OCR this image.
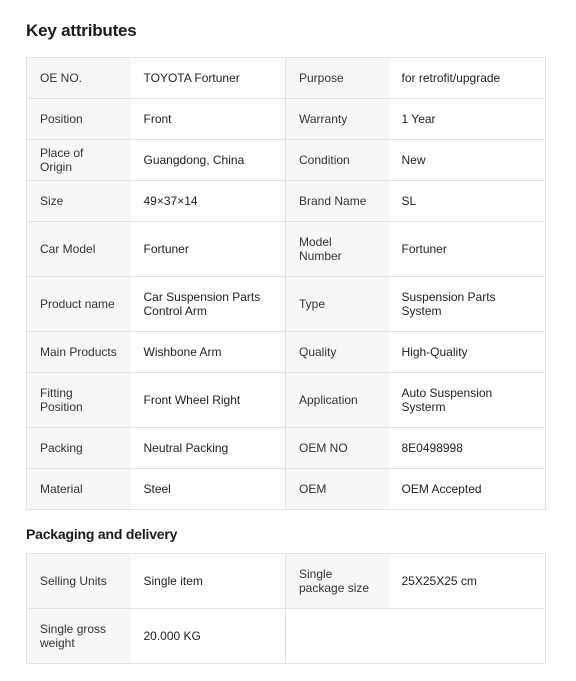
Key attributes
OE NO.	TOYOTA Fortuner	Purpose	for retrofit/upgrade
Position	Front	Warranty	1 Year
Place of Origin	Guangdong, China	Condition	New
Size	49×37×14	Brand Name	SL
Car Model	Fortuner	Model Number	Fortuner
Product name	Car Suspension Parts Control Arm	Type	Suspension Parts System
Main Products	Wishbone Arm	Quality	High-Quality
Fitting Position	Front Wheel Right	Application	Auto Suspension Systerm
Packing	Neutral Packing	OEM NO	8E0498998
Material	Steel	OEM	OEM Accepted
Packaging and delivery
Selling Units	Single item	Single package size	25X25X25 cm
Single gross weight	20.000 KG		
